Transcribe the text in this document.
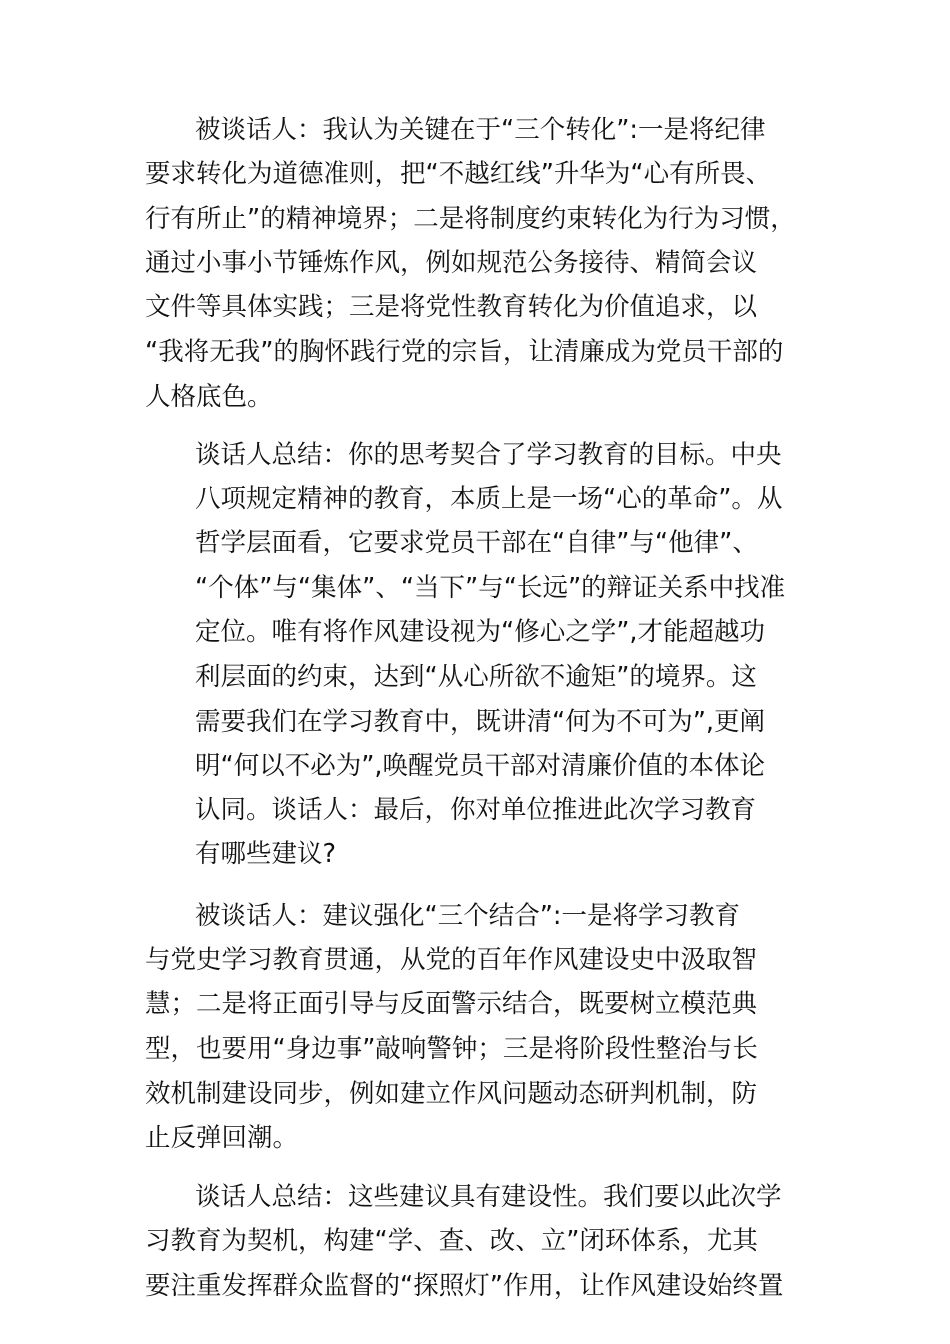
被谈话人：我认为关键在于“三个转化”:一是将纪律
要求转化为道德准则，把“不越红线”升华为“心有所畏、
行有所止”的精神境界；二是将制度约束转化为行为习惯，
通过小事小节锤炼作风，例如规范公务接待、精简会议
文件等具体实践；三是将党性教育转化为价值追求，以
“我将无我”的胸怀践行党的宗旨，让清廉成为党员干部的
人格底色。
谈话人总结：你的思考契合了学习教育的目标。中央
八项规定精神的教育，本质上是一场“心的革命”。从
哲学层面看，它要求党员干部在“自律”与“他律”、
“个体”与“集体”、“当下”与“长远”的辩证关系中找准
定位。唯有将作风建设视为“修心之学”,才能超越功
利层面的约束，达到“从心所欲不逾矩”的境界。这
需要我们在学习教育中，既讲清“何为不可为”,更阐
明“何以不必为”,唤醒党员干部对清廉价值的本体论
认同。谈话人：最后，你对单位推进此次学习教育
有哪些建议?
被谈话人：建议强化“三个结合”:一是将学习教育
与党史学习教育贯通，从党的百年作风建设史中汲取智
慧；二是将正面引导与反面警示结合，既要树立模范典
型，也要用“身边事”敲响警钟；三是将阶段性整治与长
效机制建设同步，例如建立作风问题动态研判机制，防
止反弹回潮。
谈话人总结：这些建议具有建设性。我们要以此次学
习教育为契机，构建“学、查、改、立”闭环体系，尤其
要注重发挥群众监督的“探照灯”作用，让作风建设始终置
